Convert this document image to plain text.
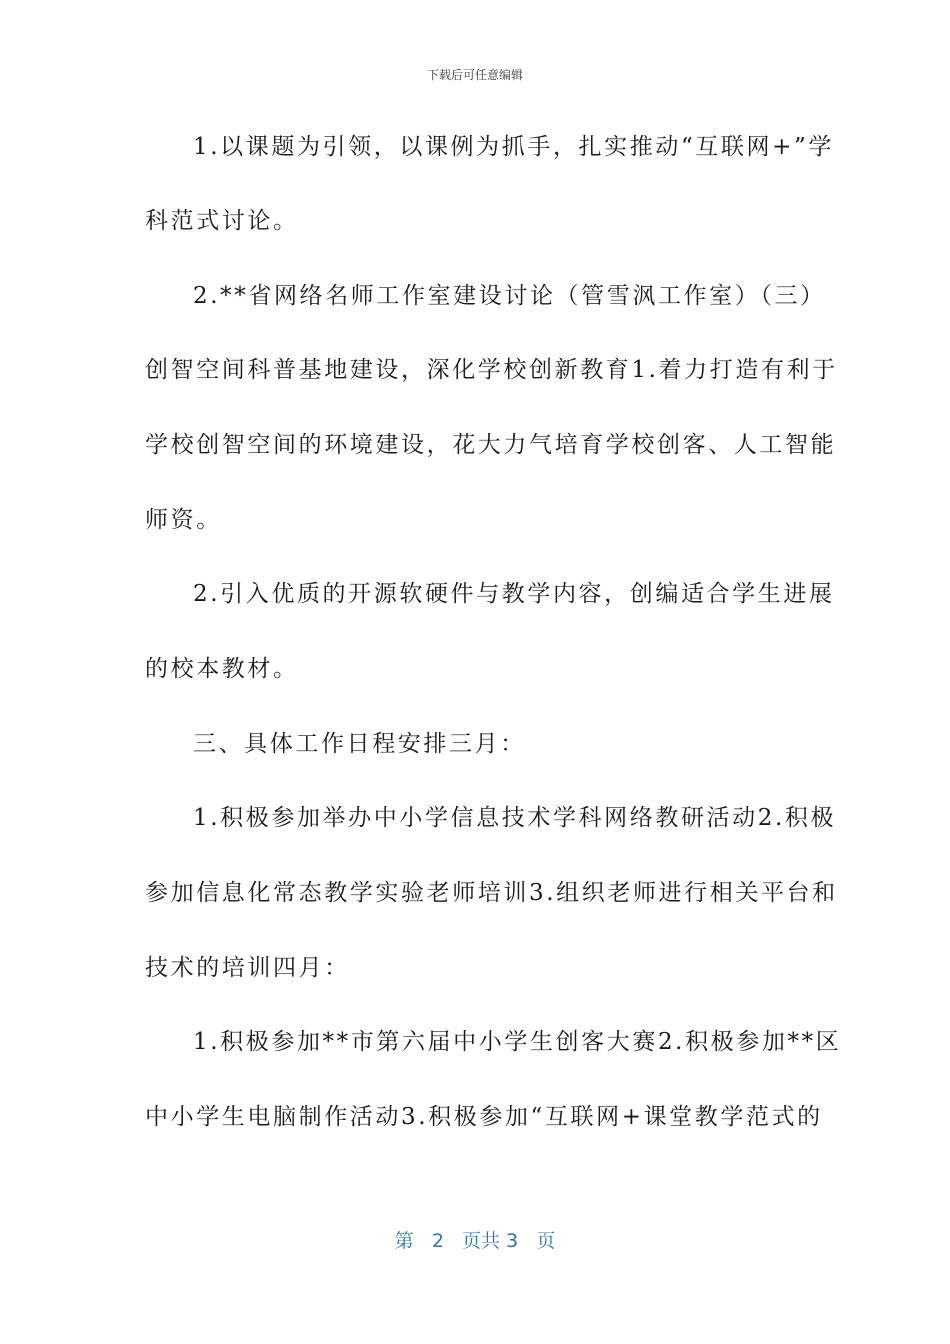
下载后可任意编辑
1.以课题为引领，以课例为抓手，扎实推动“互联网+”学
科范式讨论。
2.**省网络名师工作室建设讨论（管雪沨工作室）（三）
创智空间科普基地建设，深化学校创新教育1.着力打造有利于
学校创智空间的环境建设，花大力气培育学校创客、人工智能
师资。
2.引入优质的开源软硬件与教学内容，创编适合学生进展
的校本教材。
三、具体工作日程安排三月：
1.积极参加举办中小学信息技术学科网络教研活动2.积极
参加信息化常态教学实验老师培训3.组织老师进行相关平台和
技术的培训四月：
1.积极参加**市第六届中小学生创客大赛2.积极参加**区
中小学生电脑制作活动3.积极参加“互联网+课堂教学范式的
第 2 页共 3 页
